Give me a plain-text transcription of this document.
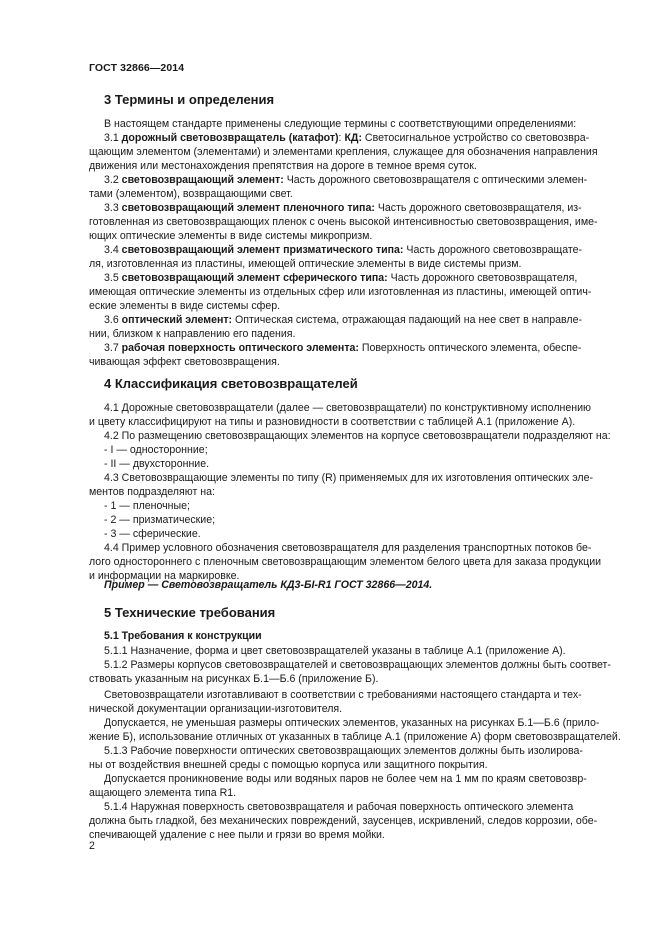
ГОСТ 32866—2014
3 Термины и определения
В настоящем стандарте применены следующие термины с соответствующими определениями:
3.1 дорожный световозвращатель (катафот): КД: Светосигнальное устройство со световозвра-
щающим элементом (элементами) и элементами крепления, служащее для обозначения направления
движения или местонахождения препятствия на дороге в темное время суток.
3.2 световозвращающий элемент: Часть дорожного световозвращателя с оптическими элемен-
тами (элементом), возвращающими свет.
3.3 световозвращающий элемент пленочного типа: Часть дорожного световозвращателя, из-
готовленная из световозвращающих пленок с очень высокой интенсивностью световозвращения, име-
ющих оптические элементы в виде системы микропризм.
3.4 световозвращающий элемент призматического типа: Часть дорожного световозвращате-
ля, изготовленная из пластины, имеющей оптические элементы в виде системы призм.
3.5 световозвращающий элемент сферического типа: Часть дорожного световозвращателя,
имеющая оптические элементы из отдельных сфер или изготовленная из пластины, имеющей оптич-
еские элементы в виде системы сфер.
3.6 оптический элемент: Оптическая система, отражающая падающий на нее свет в направле-
нии, близком к направлению его падения.
3.7 рабочая поверхность оптического элемента: Поверхность оптического элемента, обеспе-
чивающая эффект световозвращения.
4 Классификация световозвращателей
4.1 Дорожные световозвращатели (далее — световозвращатели) по конструктивному исполнению
и цвету классифицируют на типы и разновидности в соответствии с таблицей А.1 (приложение А).
4.2 По размещению световозвращающих элементов на корпусе световозвращатели подразделяют на:
- I — односторонние;
- II — двухсторонние.
4.3 Световозвращающие элементы по типу (R) применяемых для их изготовления оптических эле-
ментов подразделяют на:
- 1 — пленочные;
- 2 — призматические;
- 3 — сферические.
4.4 Пример условного обозначения световозвращателя для разделения транспортных потоков бе-
лого одностороннего с пленочным световозвращающим элементом белого цвета для заказа продукции
и информации на маркировке.
Пример — Световозвращатель КД3-БІ-R1 ГОСТ 32866—2014.
5 Технические требования
5.1 Требования к конструкции
5.1.1 Назначение, форма и цвет световозвращателей указаны в таблице А.1 (приложение А).
5.1.2 Размеры корпусов световозвращателей и световозвращающих элементов должны быть соответ-
ствовать указанным на рисунках Б.1—Б.6 (приложение Б).
Световозвращатели изготавливают в соответствии с требованиями настоящего стандарта и тех-
нической документации организации-изготовителя.
Допускается, не уменьшая размеры оптических элементов, указанных на рисунках Б.1—Б.6 (прило-
жение Б), использование отличных от указанных в таблице А.1 (приложение А) форм световозвращателей.
5.1.3 Рабочие поверхности оптических световозвращающих элементов должны быть изолирова-
ны от воздействия внешней среды с помощью корпуса или защитного покрытия.
Допускается проникновение воды или водяных паров не более чем на 1 мм по краям световозвр-
ащающего элемента типа R1.
5.1.4 Наружная поверхность световозвращателя и рабочая поверхность оптического элемента
должна быть гладкой, без механических повреждений, заусенцев, искривлений, следов коррозии, обе-
спечивающей удаление с нее пыли и грязи во время мойки.
2
